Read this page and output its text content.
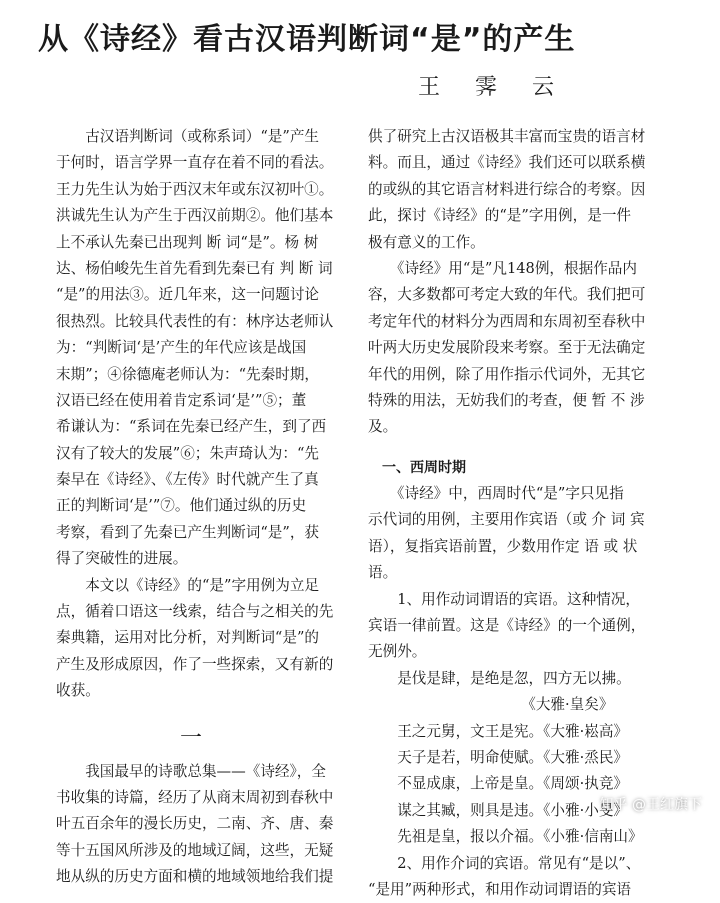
从《诗经》看古汉语判断词“是”的产生
王 霁 云
　　古汉语判断词（或称系词）“是”产生
于何时，语言学界一直存在着不同的看法。
王力先生认为始于西汉末年或东汉初叶①。
洪诚先生认为产生于西汉前期②。他们基本
上不承认先秦已出现判 断 词“是”。杨 树
达、杨伯峻先生首先看到先秦已有 判 断 词
“是”的用法③。近几年来，这一问题讨论
很热烈。比较具代表性的有：林序达老师认
为：“判断词‘是’产生的年代应该是战国
末期”；④徐德庵老师认为：“先秦时期，
汉语已经在使用着肯定系词‘是’”⑤；董
希谦认为：“系词在先秦已经产生，到了西
汉有了较大的发展”⑥；朱声琦认为：“先
秦早在《诗经》、《左传》时代就产生了真
正的判断词‘是’”⑦。他们通过纵的历史
考察，看到了先秦已产生判断词“是”，获
得了突破性的进展。
　　本文以《诗经》的“是”字用例为立足
点，循着口语这一线索，结合与之相关的先
秦典籍，运用对比分析，对判断词“是”的
产生及形成原因，作了一些探索，又有新的
收获。
一
　　我国最早的诗歌总集——《诗经》，全
书收集的诗篇，经历了从商末周初到春秋中
叶五百余年的漫长历史，二南、齐、唐、秦
等十五国风所涉及的地域辽阔，这些，无疑
地从纵的历史方面和横的地域领地给我们提
供了研究上古汉语极其丰富而宝贵的语言材
料。而且，通过《诗经》我们还可以联系横
的或纵的其它语言材料进行综合的考察。因
此，探讨《诗经》的“是”字用例，是一件
极有意义的工作。
　　《诗经》用“是”凡148例，根据作品内
容，大多数都可考定大致的年代。我们把可
考定年代的材料分为西周和东周初至春秋中
叶两大历史发展阶段来考察。至于无法确定
年代的用例，除了用作指示代词外，无其它
特殊的用法，无妨我们的考查，便 暂 不 涉
及。
　一、西周时期
　　《诗经》中，西周时代“是”字只见指
示代词的用例，主要用作宾语（或 介 词 宾
语），复指宾语前置，少数用作定 语 或 状
语。
　　1、用作动词谓语的宾语。这种情况，
宾语一律前置。这是《诗经》的一个通例，
无例外。
　　是伐是肆，是绝是忽，四方无以拂。
　　　　　　　　　　　《大雅·皇矣》
　　王之元舅，文王是宪。《大雅·崧高》
　　天子是若，明命使赋。《大雅·烝民》
　　不显成康，上帝是皇。《周颂·执竞》
　　谋之其臧，则具是违。《小雅·小旻》
　　先祖是皇，报以介福。《小雅·信南山》
　　2、用作介词的宾语。常见有“是以”、
“是用”两种形式，和用作动词谓语的宾语
知乎 @王红旗下
